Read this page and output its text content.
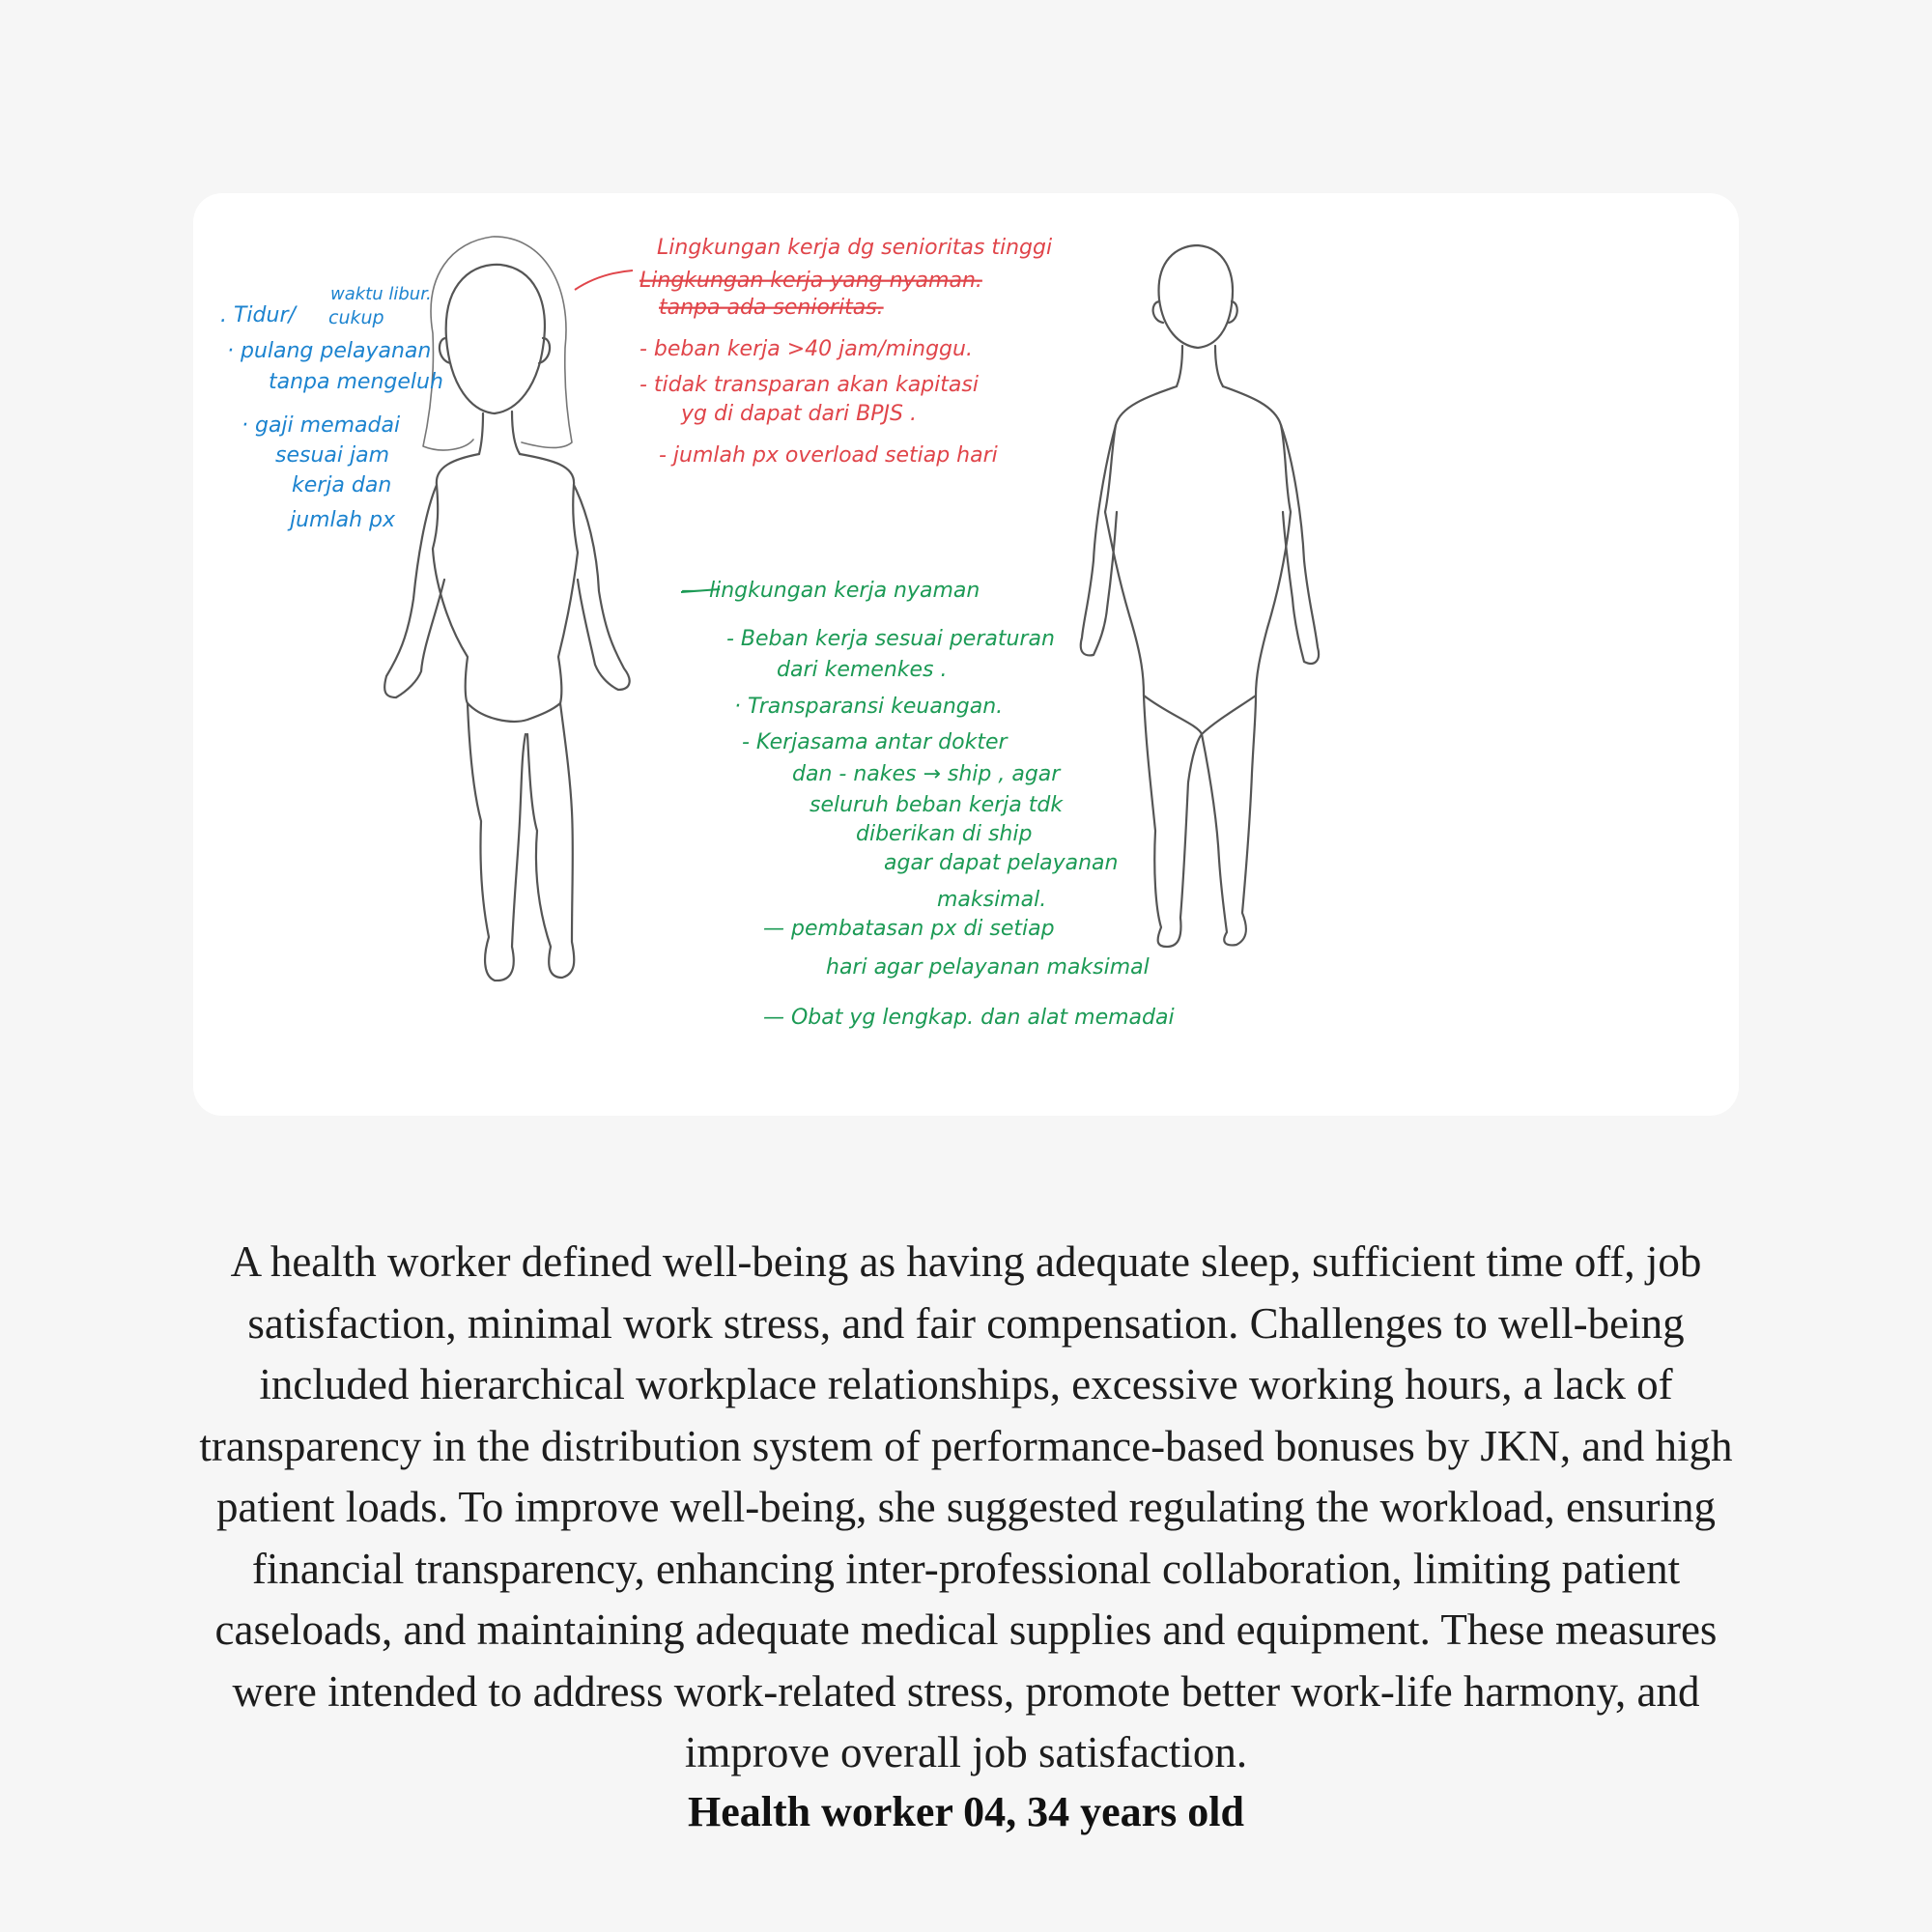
waktu libur.
. Tidur/ cukup
· pulang pelayanan
tanpa mengeluh
· gaji memadai
sesuai jam
kerja dan
jumlah px
Lingkungan kerja dg senioritas tinggi
Lingkungan kerja yang nyaman.
tanpa ada senioritas.
- beban kerja >40 jam/minggu.
- tidak transparan akan kapitasi
yg di dapat dari BPJS .
- jumlah px overload setiap hari
— lingkungan kerja nyaman
- Beban kerja sesuai peraturan
dari kemenkes .
· Transparansi keuangan.
- Kerjasama antar dokter
dan - nakes → ship , agar
seluruh beban kerja tdk
diberikan di ship
agar dapat pelayanan
maksimal.
— pembatasan px di setiap
hari agar pelayanan maksimal
— Obat yg lengkap. dan alat memadai

A health worker defined well-being as having adequate sleep, sufficient time off, job satisfaction, minimal work stress, and fair compensation. Challenges to well-being included hierarchical workplace relationships, excessive working hours, a lack of transparency in the distribution system of performance-based bonuses by JKN, and high patient loads. To improve well-being, she suggested regulating the workload, ensuring financial transparency, enhancing inter-professional collaboration, limiting patient caseloads, and maintaining adequate medical supplies and equipment. These measures were intended to address work-related stress, promote better work-life harmony, and improve overall job satisfaction.

Health worker 04, 34 years old
